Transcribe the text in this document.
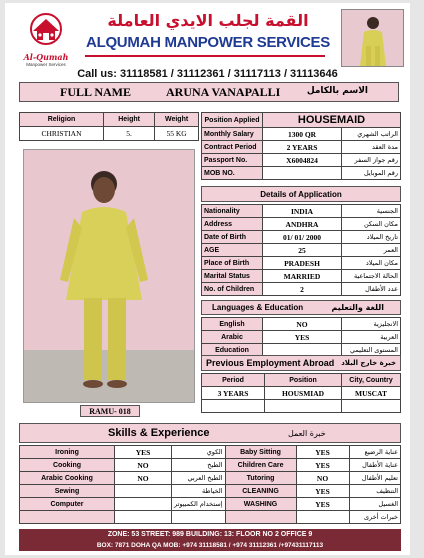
Al-Qumah
Manpower Services
القمة لجلب الايدي العاملة
ALQUMAH MANPOWER SERVICES
Call us: 31118581 / 31112361 / 31117113 / 31113646
FULL NAME	ARUNA VANAPALLI	الاسم بالكامل
Religion	Height	Weight
CHRISTIAN	5.	55 KG
Position Applied	HOUSEMAID	
Monthly Salary	1300 QR	الراتب الشهري
Contract Period	2 YEARS	مدة العقد
Passport No.	X6004824	رقم جواز السفر
MOB NO.		رقم الموبايل
RAMU- 018
Details of Application
Nationality	INDIA	الجنسية
Address	ANDHRA	مكان السكن
Date of Birth	01/ 01/ 2000	تاريخ الميلاد
AGE	25	العمر
Place of Birth	PRADESH	مكان الميلاد
Marital Status	MARRIED	الحالة الاجتماعية
No. of Children	2	عدد الأطفال
Languages & Education	اللغة والتعليم
English	NO	الانجليزية
Arabic	YES	العربية
Education		المستوى التعليمي
Previous Employment Abroad خبرة خارج البلاد
Period	Position	City, Country
3 YEARS	HOUSMIAD	MUSCAT

Skills & Experience	خبرة العمل
Ironing	YES	الكوي	Baby Sitting	YES	عناية الرضيع
Cooking	NO	الطبخ	Children Care	YES	عناية الأطفال
Arabic Cooking	NO	الطبخ العربي	Tutoring	NO	تعليم الأطفال
Sewing		الخياطة	CLEANING	YES	التنظيف
Computer		إستخدام الكمبيوتر	WASHING	YES	الغسيل
					خبرات أخرى
ZONE: 53 STREET: 989 BUILDING: 13: FLOOR NO 2 OFFICE 9
BOX: 7871 DOHA QA MOB: +974 31118581 / +974 31112361 /+97431117113
